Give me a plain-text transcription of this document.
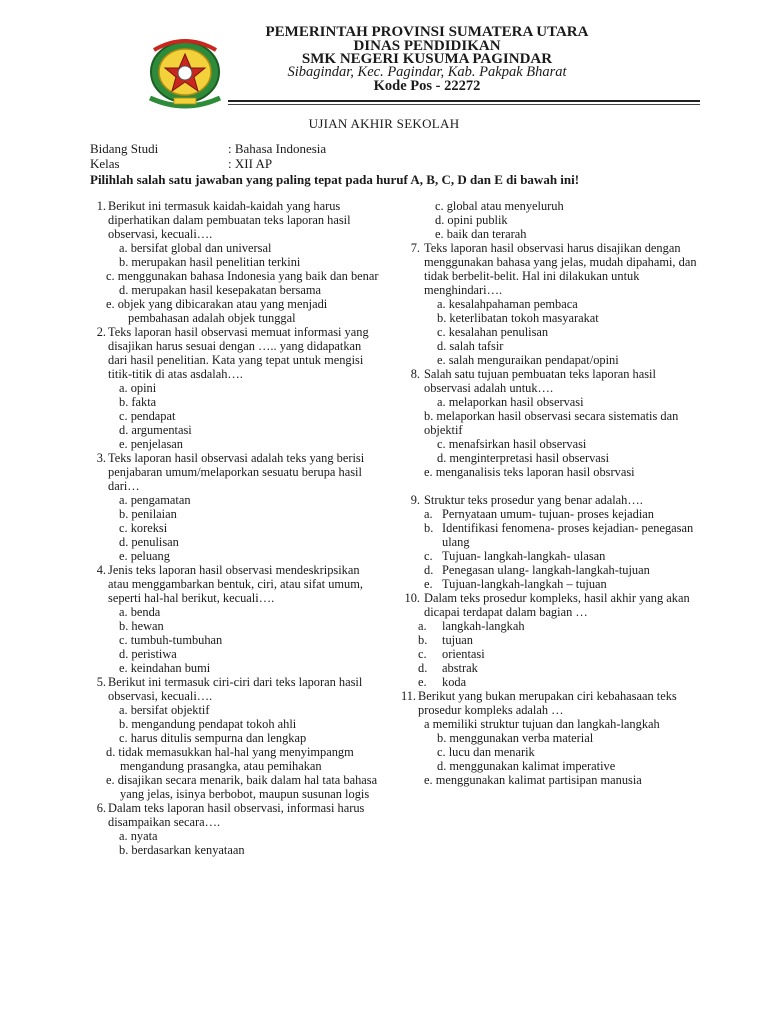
PEMERINTAH PROVINSI SUMATERA UTARA
DINAS PENDIDIKAN
SMK NEGERI KUSUMA PAGINDAR
Sibagindar, Kec. Pagindar, Kab. Pakpak Bharat
Kode Pos - 22272
UJIAN AKHIR SEKOLAH
Bidang Studi	: Bahasa Indonesia
Kelas	: XII AP
Pilihlah salah satu jawaban yang paling tepat pada huruf A, B, C, D dan E di bawah ini!
1. Berikut ini termasuk kaidah-kaidah yang harus diperhatikan dalam pembuatan teks laporan hasil observasi, kecuali….
a. bersifat global dan universal
b. merupakan hasil penelitian terkini
c. menggunakan bahasa Indonesia yang baik dan benar
d. merupakan hasil kesepakatan bersama
e. objek yang dibicarakan atau yang menjadi pembahasan adalah objek tunggal
2. Teks laporan hasil observasi memuat informasi yang disajikan harus sesuai dengan ….. yang didapatkan dari hasil penelitian. Kata yang tepat untuk mengisi titik-titik di atas asdalah….
a. opini
b. fakta
c. pendapat
d. argumentasi
e. penjelasan
3. Teks laporan hasil observasi adalah teks yang berisi penjabaran umum/melaporkan sesuatu berupa hasil dari…
a. pengamatan
b. penilaian
c. koreksi
d. penulisan
e. peluang
4. Jenis teks laporan hasil observasi mendeskripsikan atau menggambarkan bentuk, ciri, atau sifat umum, seperti hal-hal berikut, kecuali….
a. benda
b. hewan
c. tumbuh-tumbuhan
d. peristiwa
e. keindahan bumi
5. Berikut ini termasuk ciri-ciri dari teks laporan hasil observasi, kecuali….
a. bersifat objektif
b. mengandung pendapat tokoh ahli
c. harus ditulis sempurna dan lengkap
d. tidak memasukkan hal-hal yang menyimpangm mengandung prasangka, atau pemihakan
e. disajikan secara menarik, baik dalam hal tata bahasa yang jelas, isinya berbobot, maupun susunan logis
6. Dalam teks laporan hasil observasi, informasi harus disampaikan secara….
a. nyata
b. berdasarkan kenyataan
c. global atau menyeluruh
d. opini publik
e. baik dan terarah
7. Teks laporan hasil observasi harus disajikan dengan menggunakan bahasa yang jelas, mudah dipahami, dan tidak berbelit-belit. Hal ini dilakukan untuk menghindari….
a. kesalahpahaman pembaca
b. keterlibatan tokoh masyarakat
c. kesalahan penulisan
d. salah tafsir
e. salah menguraikan pendapat/opini
8. Salah satu tujuan pembuatan teks laporan hasil observasi adalah untuk….
a. melaporkan hasil observasi
b. melaporkan hasil observasi secara sistematis dan objektif
c. menafsirkan hasil observasi
d. menginterpretasi hasil observasi
e. menganalisis teks laporan hasil obsrvasi
9. Struktur teks prosedur yang benar adalah….
a. Pernyataan umum- tujuan- proses kejadian
b. Identifikasi fenomena- proses kejadian- penegasan ulang
c. Tujuan- langkah-langkah- ulasan
d. Penegasan ulang- langkah-langkah-tujuan
e. Tujuan-langkah-langkah – tujuan
10. Dalam teks prosedur kompleks, hasil akhir yang akan dicapai terdapat dalam bagian …
a. langkah-langkah
b. tujuan
c. orientasi
d. abstrak
e. koda
11. Berikut yang bukan merupakan ciri kebahasaan teks prosedur kompleks adalah …
a memiliki struktur tujuan dan langkah-langkah
b. menggunakan verba material
c. lucu dan menarik
d. menggunakan kalimat imperative
e. menggunakan kalimat partisipan manusia
